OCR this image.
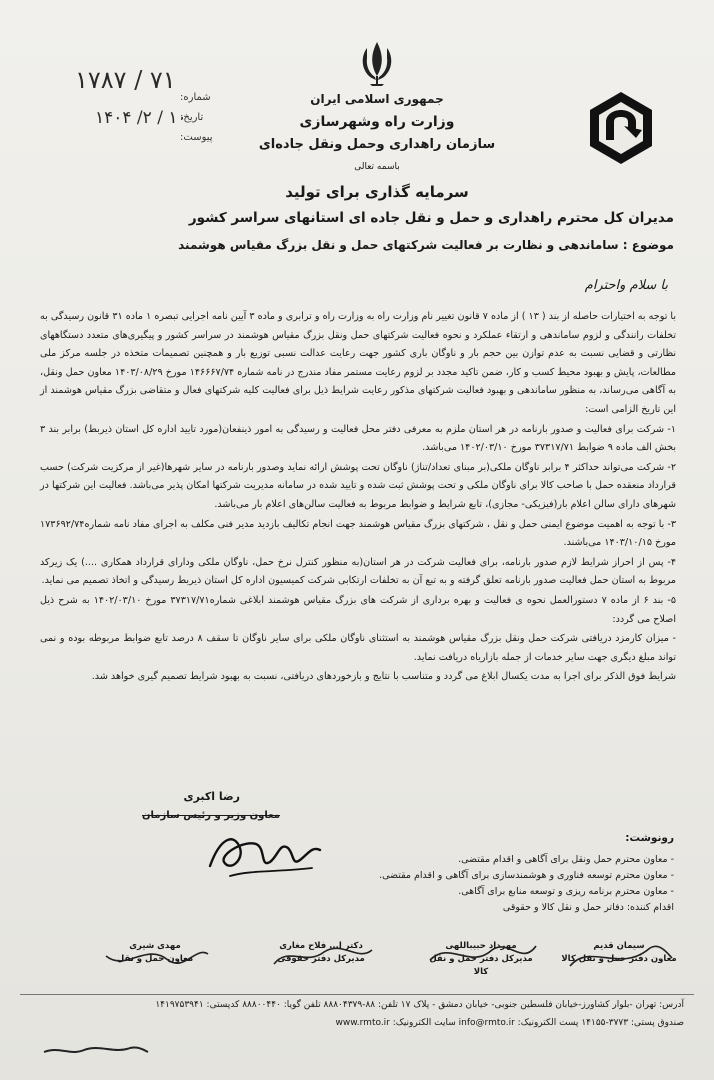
۱۷۸۷ / ۷۱
۱۴۰۴ /۲ / ۱۰
شماره:
تاریخ:
پیوست:
جمهوری اسلامی ایران
وزارت راه وشهرسازی
سازمان راهداری وحمل ونقل جاده‌ای
باسمه تعالی
سرمایه گذاری برای تولید
مدیران کل محترم راهداری و حمل و نقل جاده ای استانهای سراسر کشور
موضوع : ساماندهی و نظارت بر فعالیت شرکتهای حمل و نقل بزرگ مقیاس هوشمند
با سلام واحترام

با توجه به اختیارات حاصله از بند ( ۱۳ ) از ماده ۷ قانون تغییر نام وزارت راه به وزارت راه و ترابری و ماده ۳ آیین نامه اجرایی تبصره ۱ ماده ۳۱ قانون رسیدگی به تخلفات رانندگی و لزوم ساماندهی و ارتقاء عملکرد و نحوه فعالیت شرکتهای حمل ونقل بزرگ مقیاس هوشمند در سراسر کشور و پیگیری‌های متعدد دستگاههای نظارتی و قضایی نسبت به عدم توازن بین حجم بار و ناوگان باری کشور جهت رعایت عدالت نسبی توزیع بار و همچنین تصمیمات متخذه در جلسه مرکز ملی مطالعات، پایش و بهبود محیط کسب و کار، ضمن تاکید مجدد بر لزوم رعایت مستمر مفاد مندرج در نامه شماره ۱۴۶۶۶۷/۷۴ مورخ ۱۴۰۳/۰۸/۲۹ معاون حمل ونقل، به آگاهی می‌رساند، به منظور ساماندهی و بهبود فعالیت شرکتهای مذکور رعایت شرایط ذیل برای فعالیت کلیه شرکتهای فعال و متقاضی بزرگ مقیاس هوشمند از این تاریخ الزامی است:

۱- شرکت برای فعالیت و صدور بارنامه در هر استان ملزم به معرفی دفتر محل فعالیت و رسیدگی به امور ذینفعان(مورد تایید اداره کل استان ذیربط) برابر بند ۳ بخش الف ماده ۹ ضوابط ۳۷۳۱۷/۷۱ مورخ ۱۴۰۲/۰۳/۱۰ می‌باشد.

۲- شرکت می‌تواند حداکثر ۴ برابر ناوگان ملکی(بر مبنای تعداد/تناژ) ناوگان تحت پوشش ارائه نماید وصدور بارنامه در سایر شهرها(غیر از مرکزیت شرکت) حسب قرارداد منعقده حمل با صاحب کالا برای ناوگان ملکی و تحت پوشش ثبت شده و تایید شده در سامانه مدیریت شرکتها امکان پذیر می‌باشد. فعالیت این شرکتها در شهرهای دارای سالن اعلام بار(فیزیکی- مجازی)، تابع شرایط و ضوابط مربوط به فعالیت سالن‌های اعلام بار می‌باشد.

۳- با توجه به اهمیت موضوع ایمنی حمل و نقل ، شرکتهای بزرگ مقیاس هوشمند جهت انجام تکالیف بازدید مدیر فنی مکلف به اجرای مفاد نامه شماره۱۷۳۶۹۲/۷۴ مورخ ۱۴۰۳/۱۰/۱۵ می‌باشند.

۴- پس از احراز شرایط لازم صدور بارنامه، برای فعالیت شرکت در هر استان(به منظور کنترل نرخ حمل، ناوگان ملکی ودارای قرارداد همکاری ....) یک زیرکد مربوط به استان حمل فعالیت صدور بارنامه تعلق گرفته و به تبع آن به تخلفات ارتکابی شرکت کمیسیون اداره کل استان ذیربط رسیدگی و اتخاذ تصمیم می نماید.

۵- بند ۶ از ماده ۷ دستورالعمل نحوه ی فعالیت و بهره برداری از شرکت های بزرگ مقیاس هوشمند ابلاغی شماره۳۷۳۱۷/۷۱ مورخ ۱۴۰۲/۰۳/۱۰ به شرح ذیل اصلاح می گردد:

- میزان کارمزد دریافتی شرکت حمل ونقل بزرگ مقیاس هوشمند به استثنای ناوگان ملکی برای سایر ناوگان تا سقف ۸ درصد تابع ضوابط مربوطه بوده و نمی تواند مبلغ دیگری جهت سایر خدمات از جمله بازاریاه دریافت نماید.

شرایط فوق الذکر برای اجرا به مدت یکسال ابلاغ می گردد و متناسب با نتایج و بازخوردهای دریافتی، نسبت به بهبود شرایط تصمیم گیری خواهد شد.

رضا اکبری
معاون وزیر و رئیس سازمان
رونوشت:
- معاون محترم حمل ونقل برای آگاهی و اقدام مقتضی.
- معاون محترم توسعه فناوری و هوشمندسازی برای آگاهی و اقدام مقتضی.
- معاون محترم برنامه ریزی و توسعه منابع برای آگاهی.
اقدام کننده: دفاتر حمل و نقل کالا و حقوقی
سیمان قدیم
معاون دفتر حمل و نقل کالا
مهرداد حبیباللهی
مدیرکل دفتر حمل و نقل کالا
دکتر ا... فلاح مغاری
مدیرکل دفتر حقوقی
مهدی شیری
معاون حمل و نقل
آدرس: تهران -بلوار کشاورز-خیابان فلسطین جنوبی- خیابان دمشق - پلاک ۱۷ تلفن: ۸۸-۸۸۸۰۴۳۷۹ تلفن گویا: ۸۸۸۰۰۴۴۰ کدپستی: ۱۴۱۹۷۵۳۹۴۱
صندوق پستی: ۳۷۷۳-۱۴۱۵۵ پست الکترونیک: info@rmto.ir سایت الکترونیک: www.rmto.ir
